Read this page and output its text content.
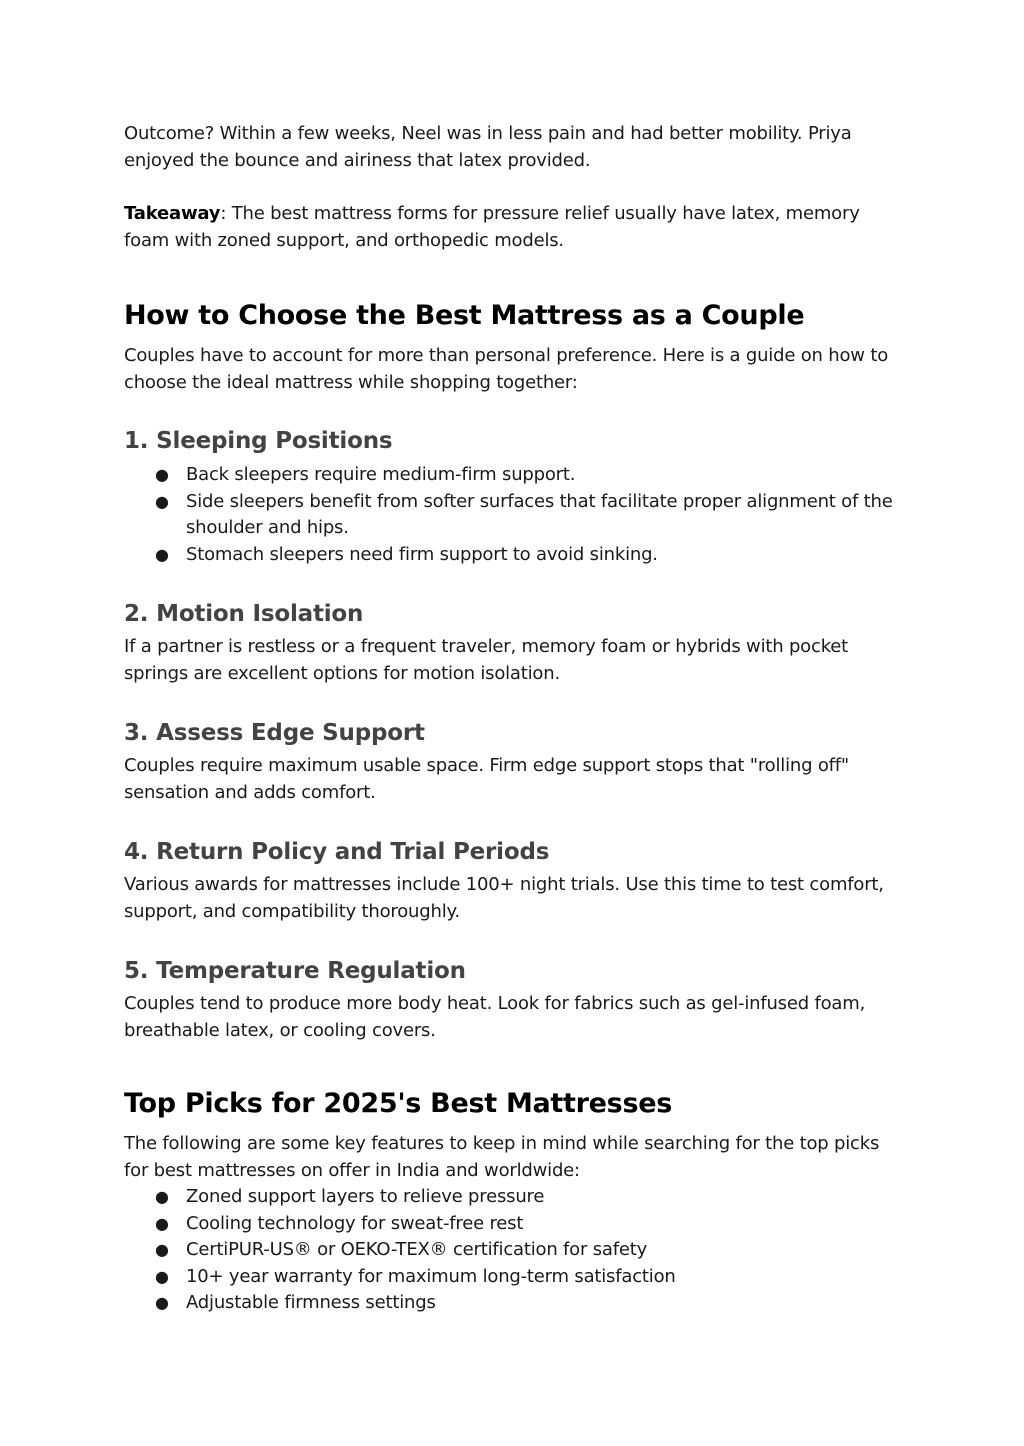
Outcome? Within a few weeks, Neel was in less pain and had better mobility. Priya enjoyed the bounce and airiness that latex provided.

Takeaway: The best mattress forms for pressure relief usually have latex, memory foam with zoned support, and orthopedic models.

How to Choose the Best Mattress as a Couple

Couples have to account for more than personal preference. Here is a guide on how to choose the ideal mattress while shopping together:

1. Sleeping Positions
● Back sleepers require medium-firm support.
● Side sleepers benefit from softer surfaces that facilitate proper alignment of the shoulder and hips.
● Stomach sleepers need firm support to avoid sinking.
2. Motion Isolation

If a partner is restless or a frequent traveler, memory foam or hybrids with pocket springs are excellent options for motion isolation.

3. Assess Edge Support

Couples require maximum usable space. Firm edge support stops that "rolling off" sensation and adds comfort.

4. Return Policy and Trial Periods

Various awards for mattresses include 100+ night trials. Use this time to test comfort, support, and compatibility thoroughly.

5. Temperature Regulation

Couples tend to produce more body heat. Look for fabrics such as gel-infused foam, breathable latex, or cooling covers.

Top Picks for 2025's Best Mattresses

The following are some key features to keep in mind while searching for the top picks for best mattresses on offer in India and worldwide:

● Zoned support layers to relieve pressure
● Cooling technology for sweat-free rest
● CertiPUR-US® or OEKO-TEX® certification for safety
● 10+ year warranty for maximum long-term satisfaction
● Adjustable firmness settings
